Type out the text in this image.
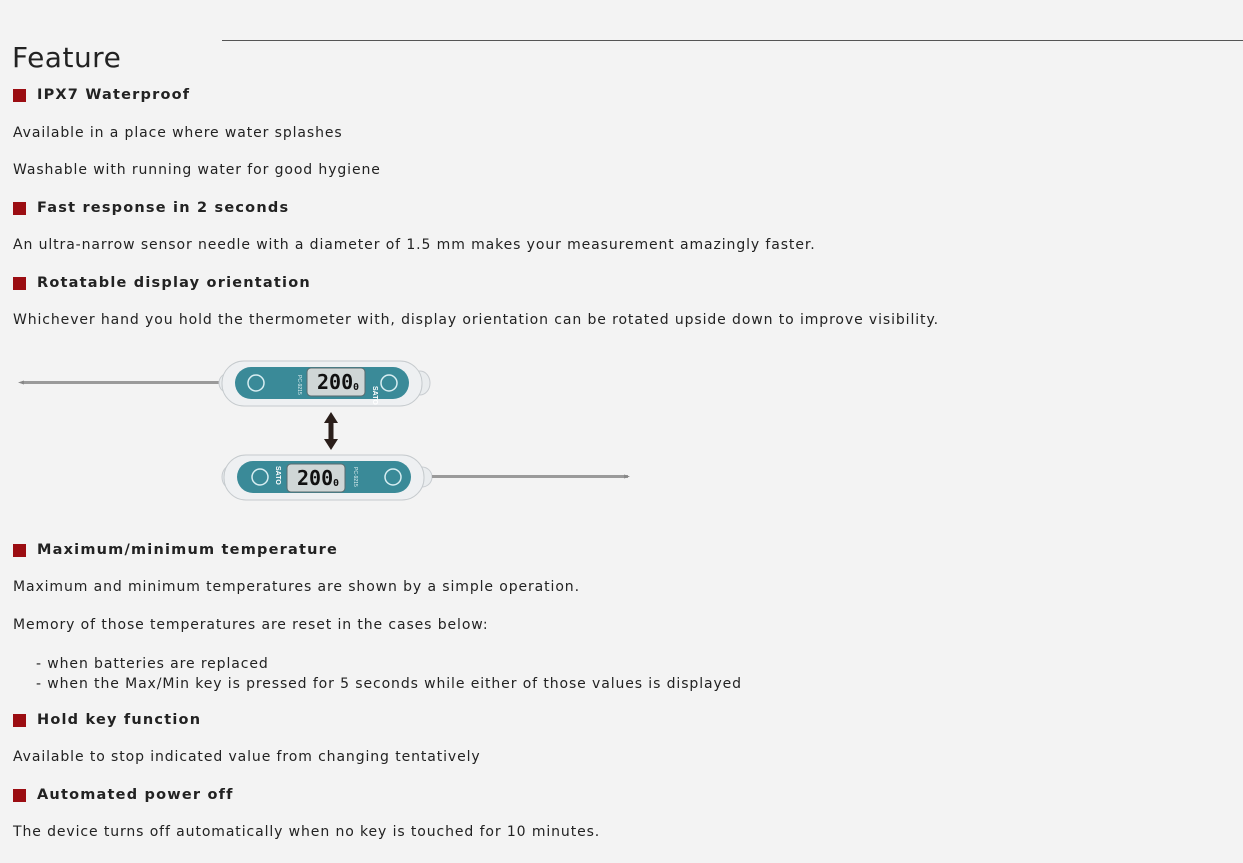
Feature
IPX7 Waterproof
Available in a place where water splashes
Washable with running water for good hygiene
Fast response in 2 seconds
An ultra-narrow sensor needle with a diameter of 1.5 mm makes your measurement amazingly faster.
Rotatable display orientation
Whichever hand you hold the thermometer with, display orientation can be rotated upside down to improve visibility.
200 0 SATO
PC-9215
200 0
SATO	PC-9215
Maximum/minimum temperature
Maximum and minimum temperatures are shown by a simple operation.
Memory of those temperatures are reset in the cases below:
- when batteries are replaced
- when the Max/Min key is pressed for 5 seconds while either of those values is displayed
Hold key function
Available to stop indicated value from changing tentatively
Automated power off
The device turns off automatically when no key is touched for 10 minutes.
